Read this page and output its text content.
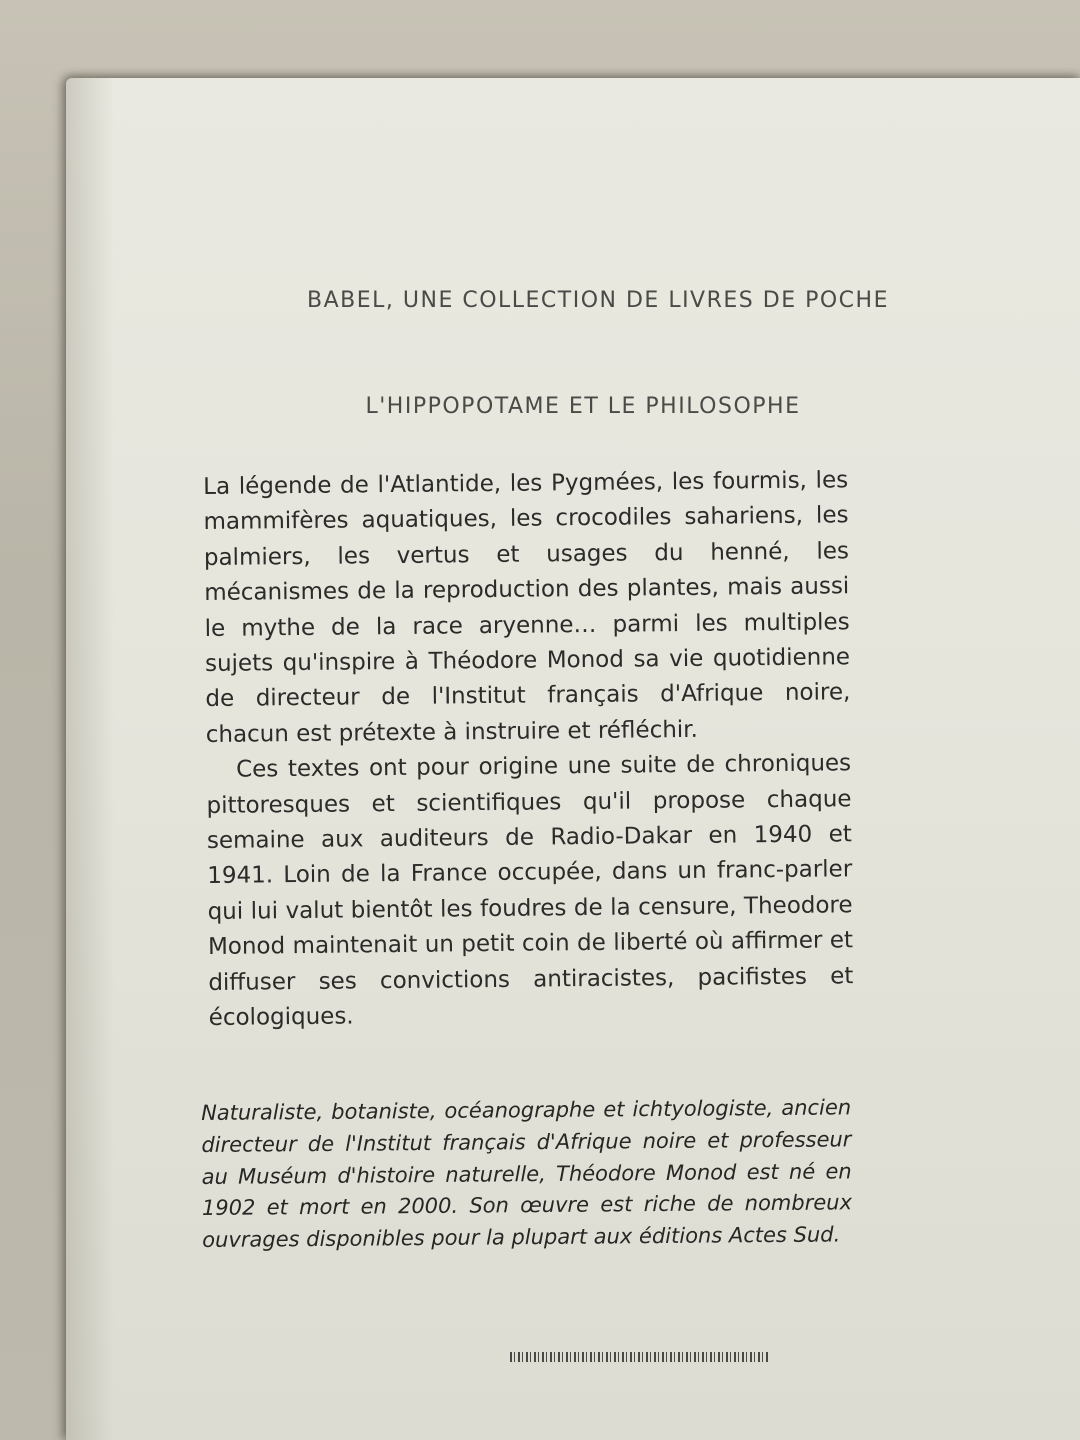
BABEL, UNE COLLECTION DE LIVRES DE POCHE
L'HIPPOPOTAME ET LE PHILOSOPHE

La légende de l'Atlantide, les Pygmées, les fourmis, les mammifères aquatiques, les crocodiles sahariens, les palmiers, les vertus et usages du henné, les mécanismes de la reproduction des plantes, mais aussi le mythe de la race aryenne… parmi les multiples sujets qu'inspire à Théodore Monod sa vie quotidienne de directeur de l'Institut français d'Afrique noire, chacun est prétexte à instruire et réfléchir.

Ces textes ont pour origine une suite de chroniques pittoresques et scientifiques qu'il propose chaque semaine aux auditeurs de Radio-Dakar en 1940 et 1941. Loin de la France occupée, dans un franc-parler qui lui valut bientôt les foudres de la censure, Theodore Monod maintenait un petit coin de liberté où affirmer et diffuser ses convictions antiracistes, pacifistes et écologiques.

Naturaliste, botaniste, océanographe et ichtyologiste, ancien directeur de l'Institut français d'Afrique noire et professeur au Muséum d'histoire naturelle, Théodore Monod est né en 1902 et mort en 2000. Son œuvre est riche de nombreux ouvrages disponibles pour la plupart aux éditions Actes Sud.
